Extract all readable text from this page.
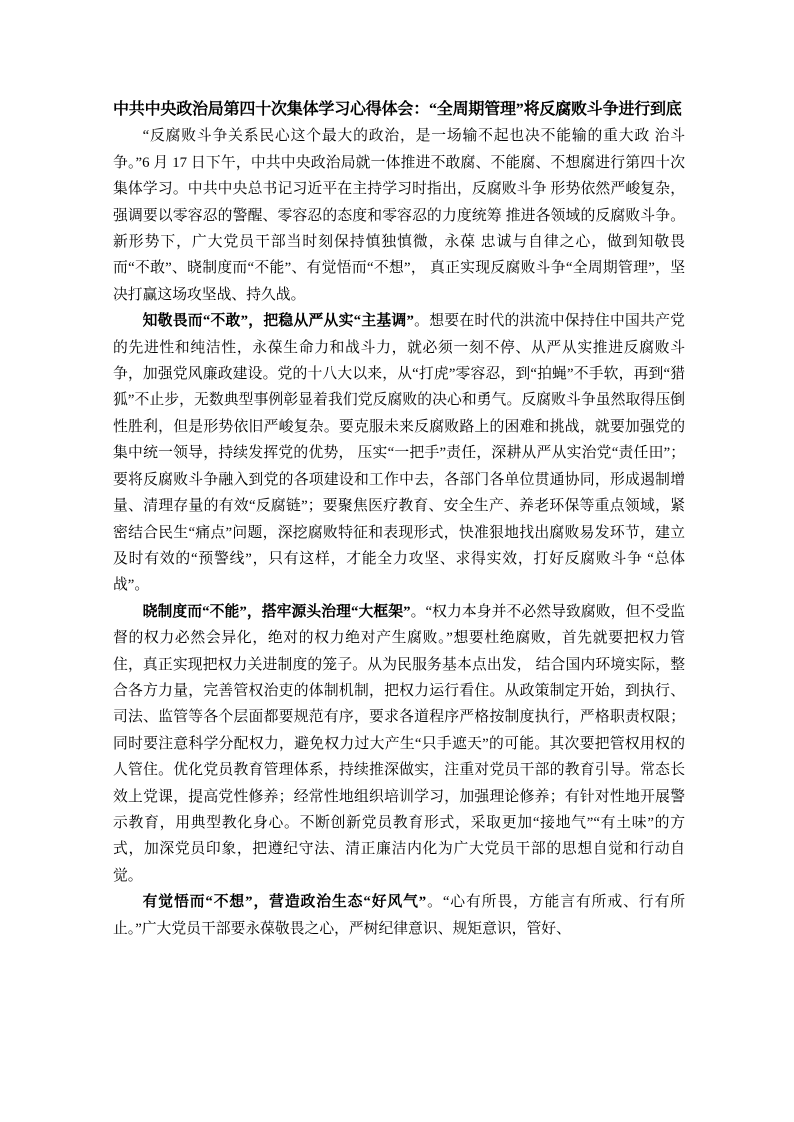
中共中央政治局第四十次集体学习心得体会：“全周期管理”将反腐败斗争进行到底

“反腐败斗争关系民心这个最大的政治，是一场输不起也决不能输的重大政 治斗争。”6 月 17 日下午，中共中央政治局就一体推进不敢腐、不能腐、不想腐进行第四十次集体学习。中共中央总书记习近平在主持学习时指出，反腐败斗争 形势依然严峻复杂，强调要以零容忍的警醒、零容忍的态度和零容忍的力度统筹 推进各领域的反腐败斗争。新形势下，广大党员干部当时刻保持慎独慎微，永葆 忠诚与自律之心，做到知敬畏而“不敢”、晓制度而“不能”、有觉悟而“不想”， 真正实现反腐败斗争“全周期管理”，坚决打赢这场攻坚战、持久战。

知敬畏而“不敢”，把稳从严从实“主基调”。想要在时代的洪流中保持住中国共产党的先进性和纯洁性，永葆生命力和战斗力，就必须一刻不停、从严从实推进反腐败斗争，加强党风廉政建设。党的十八大以来，从“打虎”零容忍，到“拍蝇”不手软，再到“猎狐”不止步，无数典型事例彰显着我们党反腐败的决心和勇气。反腐败斗争虽然取得压倒性胜利，但是形势依旧严峻复杂。要克服未来反腐败路上的困难和挑战，就要加强党的集中统一领导，持续发挥党的优势， 压实“一把手”责任，深耕从严从实治党“责任田”；要将反腐败斗争融入到党的各项建设和工作中去，各部门各单位贯通协同，形成遏制增量、清理存量的有效“反腐链”；要聚焦医疗教育、安全生产、养老环保等重点领域，紧密结合民生“痛点”问题，深挖腐败特征和表现形式，快准狠地找出腐败易发环节，建立及时有效的“预警线”，只有这样，才能全力攻坚、求得实效，打好反腐败斗争 “总体战”。

晓制度而“不能”，搭牢源头治理“大框架”。“权力本身并不必然导致腐败，但不受监督的权力必然会异化，绝对的权力绝对产生腐败。”想要杜绝腐败，首先就要把权力管住，真正实现把权力关进制度的笼子。从为民服务基本点出发， 结合国内环境实际，整合各方力量，完善管权治吏的体制机制，把权力运行看住。从政策制定开始，到执行、司法、监管等各个层面都要规范有序，要求各道程序严格按制度执行，严格职责权限；同时要注意科学分配权力，避免权力过大产生“只手遮天”的可能。其次要把管权用权的人管住。优化党员教育管理体系，持续推深做实，注重对党员干部的教育引导。常态长效上党课，提高党性修养；经常性地组织培训学习，加强理论修养；有针对性地开展警示教育，用典型教化身心。不断创新党员教育形式，采取更加“接地气”“有土味”的方式，加深党员印象，把遵纪守法、清正廉洁内化为广大党员干部的思想自觉和行动自觉。

有觉悟而“不想”，营造政治生态“好风气”。“心有所畏，方能言有所戒、行有所止。”广大党员干部要永葆敬畏之心，严树纪律意识、规矩意识，管好、
